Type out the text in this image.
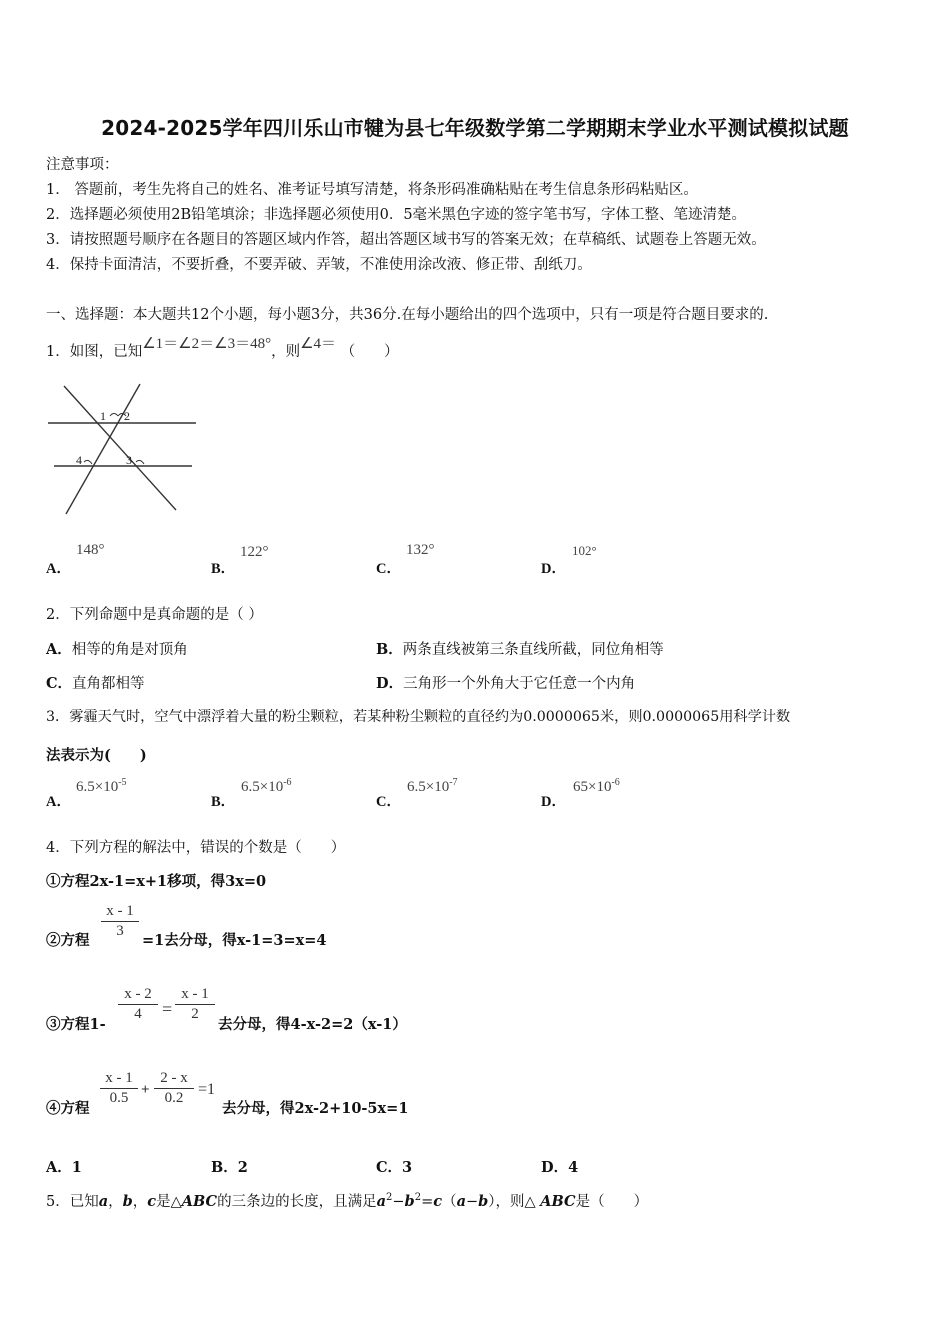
2024-2025学年四川乐山市犍为县七年级数学第二学期期末学业水平测试模拟试题
注意事项：
1． 答题前，考生先将自己的姓名、准考证号填写清楚，将条形码准确粘贴在考生信息条形码粘贴区。
2．选择题必须使用2B铅笔填涂；非选择题必须使用0．5毫米黑色字迹的签字笔书写，字体工整、笔迹清楚。
3．请按照题号顺序在各题目的答题区域内作答，超出答题区域书写的答案无效；在草稿纸、试题卷上答题无效。
4．保持卡面清洁，不要折叠，不要弄破、弄皱，不准使用涂改液、修正带、刮纸刀。
一、选择题：本大题共12个小题，每小题3分，共36分.在每小题给出的四个选项中，只有一项是符合题目要求的.
1．如图，已知∠1＝∠2＝∠3＝48°，则∠4＝ （　　）
1 2
3
4
A．
148°
B．
122°
C．
132°
D．
102°
2．下列命题中是真命题的是（ ）
A．相等的角是对顶角	B．两条直线被第三条直线所截，同位角相等
C．直角都相等	D．三角形一个外角大于它任意一个内角
3．雾霾天气时，空气中漂浮着大量的粉尘颗粒，若某种粉尘颗粒的直径约为0.0000065米，则0.0000065用科学计数
法表示为(　　)
A．
$6.5\times 10^{-5}$
B．
$6.5\times 10^{-6}$
C．
$6.5\times 10^{-7}$
D．
$65\times 10^{-6}$
4．下列方程的解法中，错误的个数是（　　）
①方程2x-1=x+1移项，得3x=0
②方程
x - 1
3
=1去分母，得x-1=3=x=4
③方程1-
x - 2
4	=
x - 1
2
去分母，得4-x-2=2（x-1）
④方程
x - 1
0.5 +
2 - x
0.2 =1
去分母，得2x-2+10-5x=1
A．1	B．2	C．3	D．4
5．已知a，b，c是△ABC的三条边的长度，且满足$a^2-b^2=c(a-b)$，则△ ABC是（　　）
